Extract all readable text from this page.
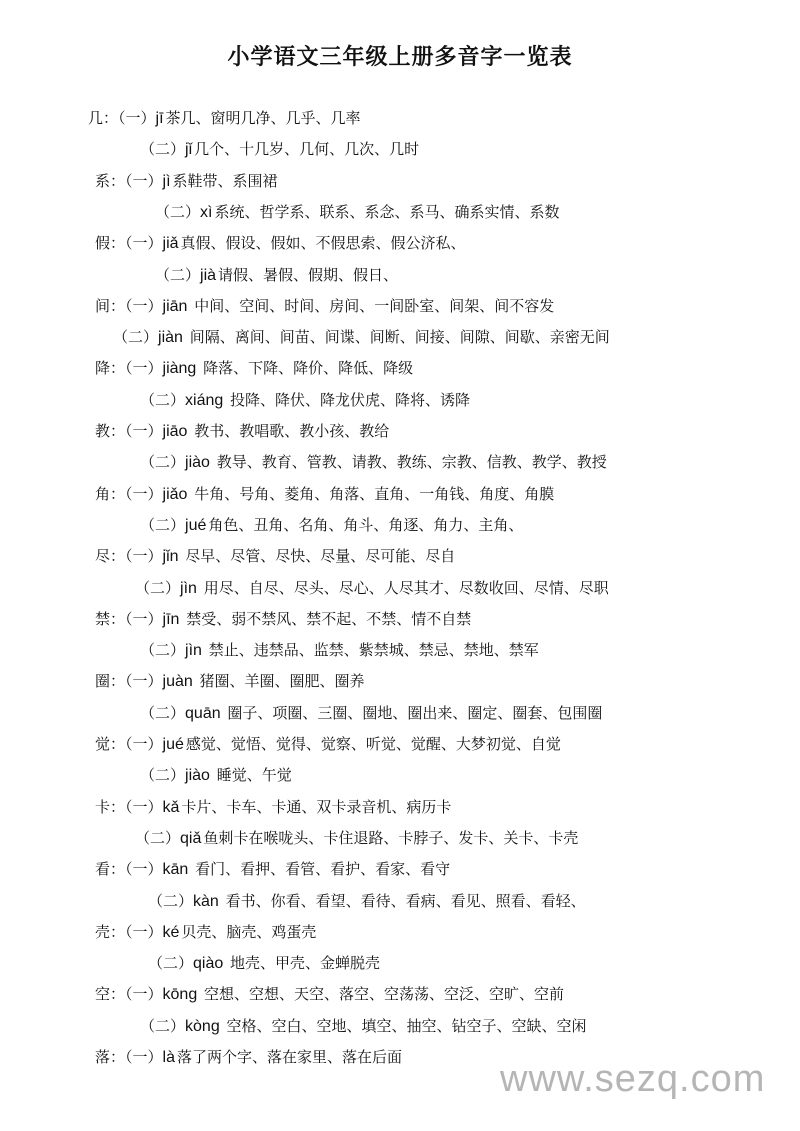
小学语文三年级上册多音字一览表
几：（一）jī 茶几、窗明几净、几乎、几率
（二）jǐ 几个、十几岁、几何、几次、几时
系：（一）jì 系鞋带、系围裙
（二）xì 系统、哲学系、联系、系念、系马、确系实情、系数
假：（一）jiǎ 真假、假设、假如、不假思索、假公济私、
（二）jià 请假、暑假、假期、假日、
间：（一）jiān 中间、空间、时间、房间、一间卧室、间架、间不容发
（二）jiàn 间隔、离间、间苗、间谍、间断、间接、间隙、间歇、亲密无间
降：（一）jiàng 降落、下降、降价、降低、降级
（二）xiáng 投降、降伏、降龙伏虎、降将、诱降
教：（一）jiāo 教书、教唱歌、教小孩、教给
（二）jiào 教导、教育、管教、请教、教练、宗教、信教、教学、教授
角：（一）jiǎo 牛角、号角、菱角、角落、直角、一角钱、角度、角膜
（二）jué 角色、丑角、名角、角斗、角逐、角力、主角、
尽：（一）jǐn 尽早、尽管、尽快、尽量、尽可能、尽自
（二）jìn 用尽、自尽、尽头、尽心、人尽其才、尽数收回、尽情、尽职
禁：（一）jīn 禁受、弱不禁风、禁不起、不禁、情不自禁
（二）jìn 禁止、违禁品、监禁、紫禁城、禁忌、禁地、禁军
圈：（一）juàn 猪圈、羊圈、圈肥、圈养
（二）quān 圈子、项圈、三圈、圈地、圈出来、圈定、圈套、包围圈
觉：（一）jué 感觉、觉悟、觉得、觉察、听觉、觉醒、大梦初觉、自觉
（二）jiào 睡觉、午觉
卡：（一）kǎ 卡片、卡车、卡通、双卡录音机、病历卡
（二）qiǎ 鱼刺卡在喉咙头、卡住退路、卡脖子、发卡、关卡、卡壳
看：（一）kān 看门、看押、看管、看护、看家、看守
（二）kàn 看书、你看、看望、看待、看病、看见、照看、看轻、
壳：（一）ké 贝壳、脑壳、鸡蛋壳
（二）qiào 地壳、甲壳、金蝉脱壳
空：（一）kōng 空想、空想、天空、落空、空荡荡、空泛、空旷、空前
（二）kòng 空格、空白、空地、填空、抽空、钻空子、空缺、空闲
落：（一）là 落了两个字、落在家里、落在后面
www.sezq.com
